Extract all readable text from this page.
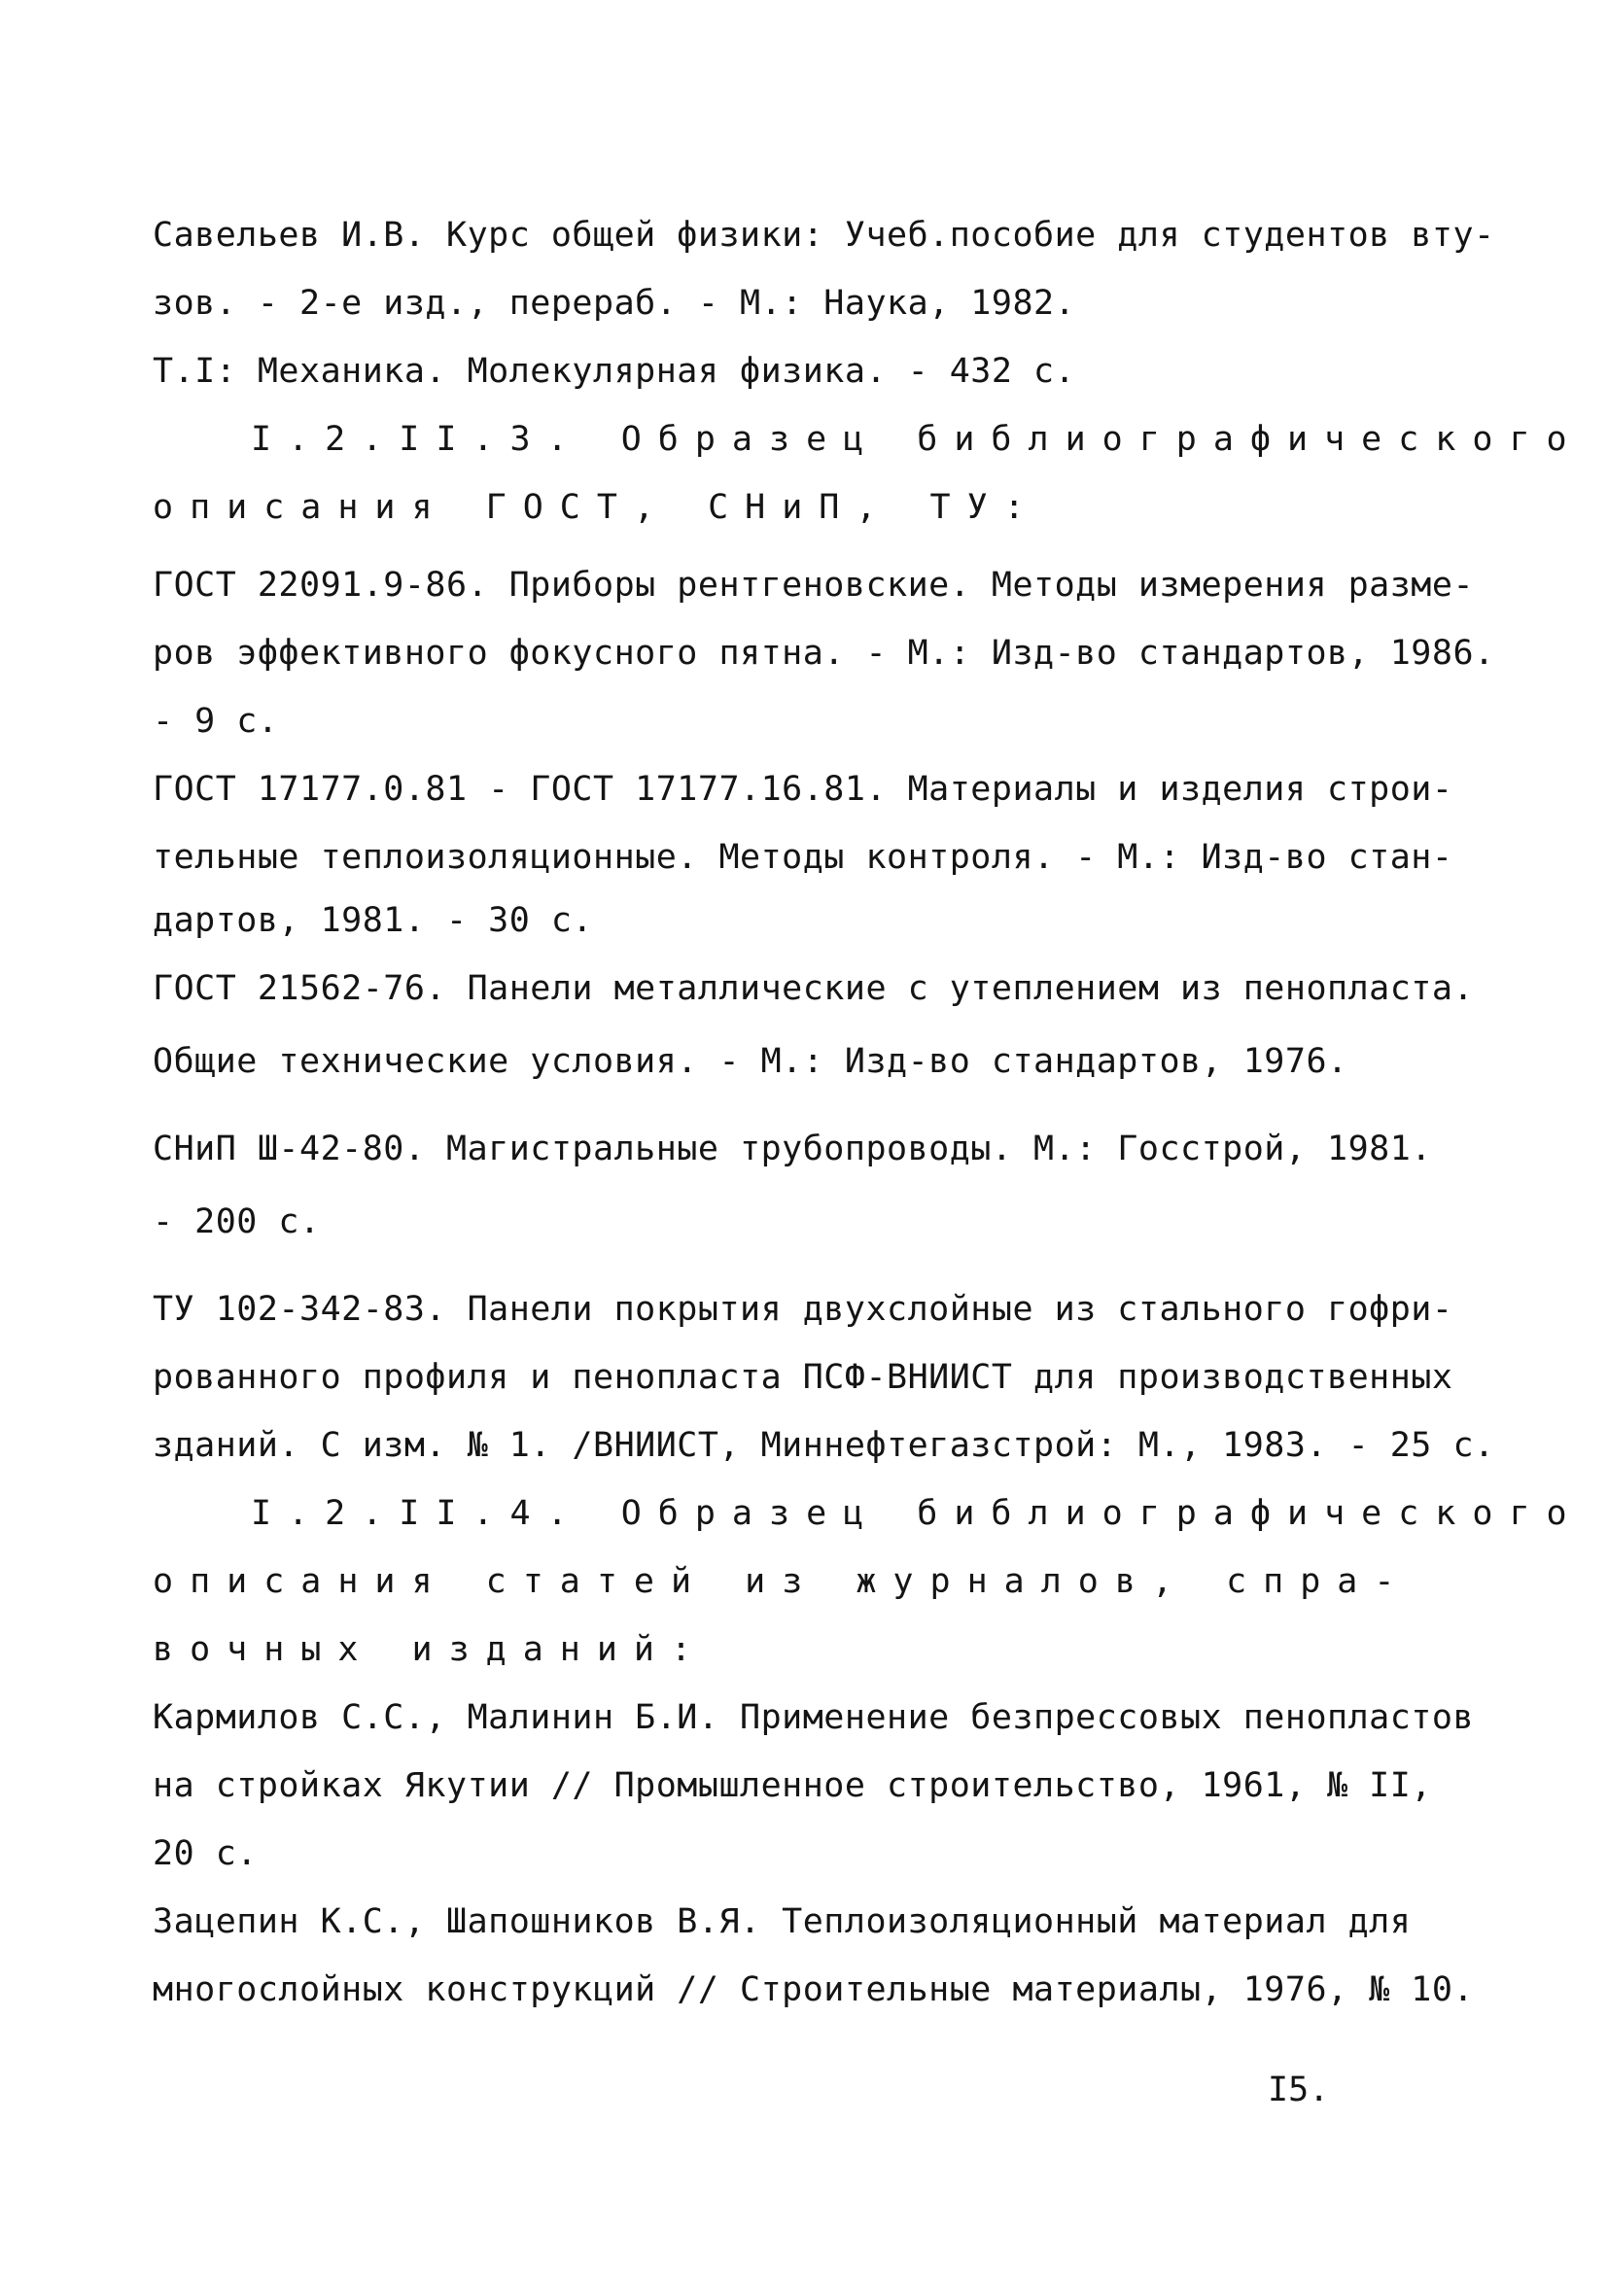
Савельев И.В. Курс общей физики: Учеб.пособие для студентов вту-
зов. - 2-е изд., перераб. - М.: Наука, 1982.
Т.I: Механика. Молекулярная физика. - 432 с.
I.2.II.3. Образец библиографического
описания ГОСТ, СНиП, ТУ:
ГОСТ 22091.9-86. Приборы рентгеновские. Методы измерения разме-
ров эффективного фокусного пятна. - М.: Изд-во стандартов, 1986.
- 9 с.
ГОСТ 17177.0.81 - ГОСТ 17177.16.81. Материалы и изделия строи-
тельные теплоизоляционные. Методы контроля. - М.: Изд-во стан-
дартов, 1981. - 30 с.
ГОСТ 21562-76. Панели металлические с утеплением из пенопласта.
Общие технические условия. - М.: Изд-во стандартов, 1976.
СНиП Ш-42-80. Магистральные трубопроводы. М.: Госстрой, 1981.
- 200 с.
ТУ 102-342-83. Панели покрытия двухслойные из стального гофри-
рованного профиля и пенопласта ПСФ-ВНИИСТ для производственных
зданий. С изм. № 1. /ВНИИСТ, Миннефтегазстрой: М., 1983. - 25 с.
I.2.II.4. Образец библиографического
описания статей из журналов, спра-
вочных изданий:
Кармилов С.С., Малинин Б.И. Применение безпрессовых пенопластов
на стройках Якутии // Промышленное строительство, 1961, № II,
20 с.
Зацепин К.С., Шапошников В.Я. Теплоизоляционный материал для
многослойных конструкций // Строительные материалы, 1976, № 10.
I5.
